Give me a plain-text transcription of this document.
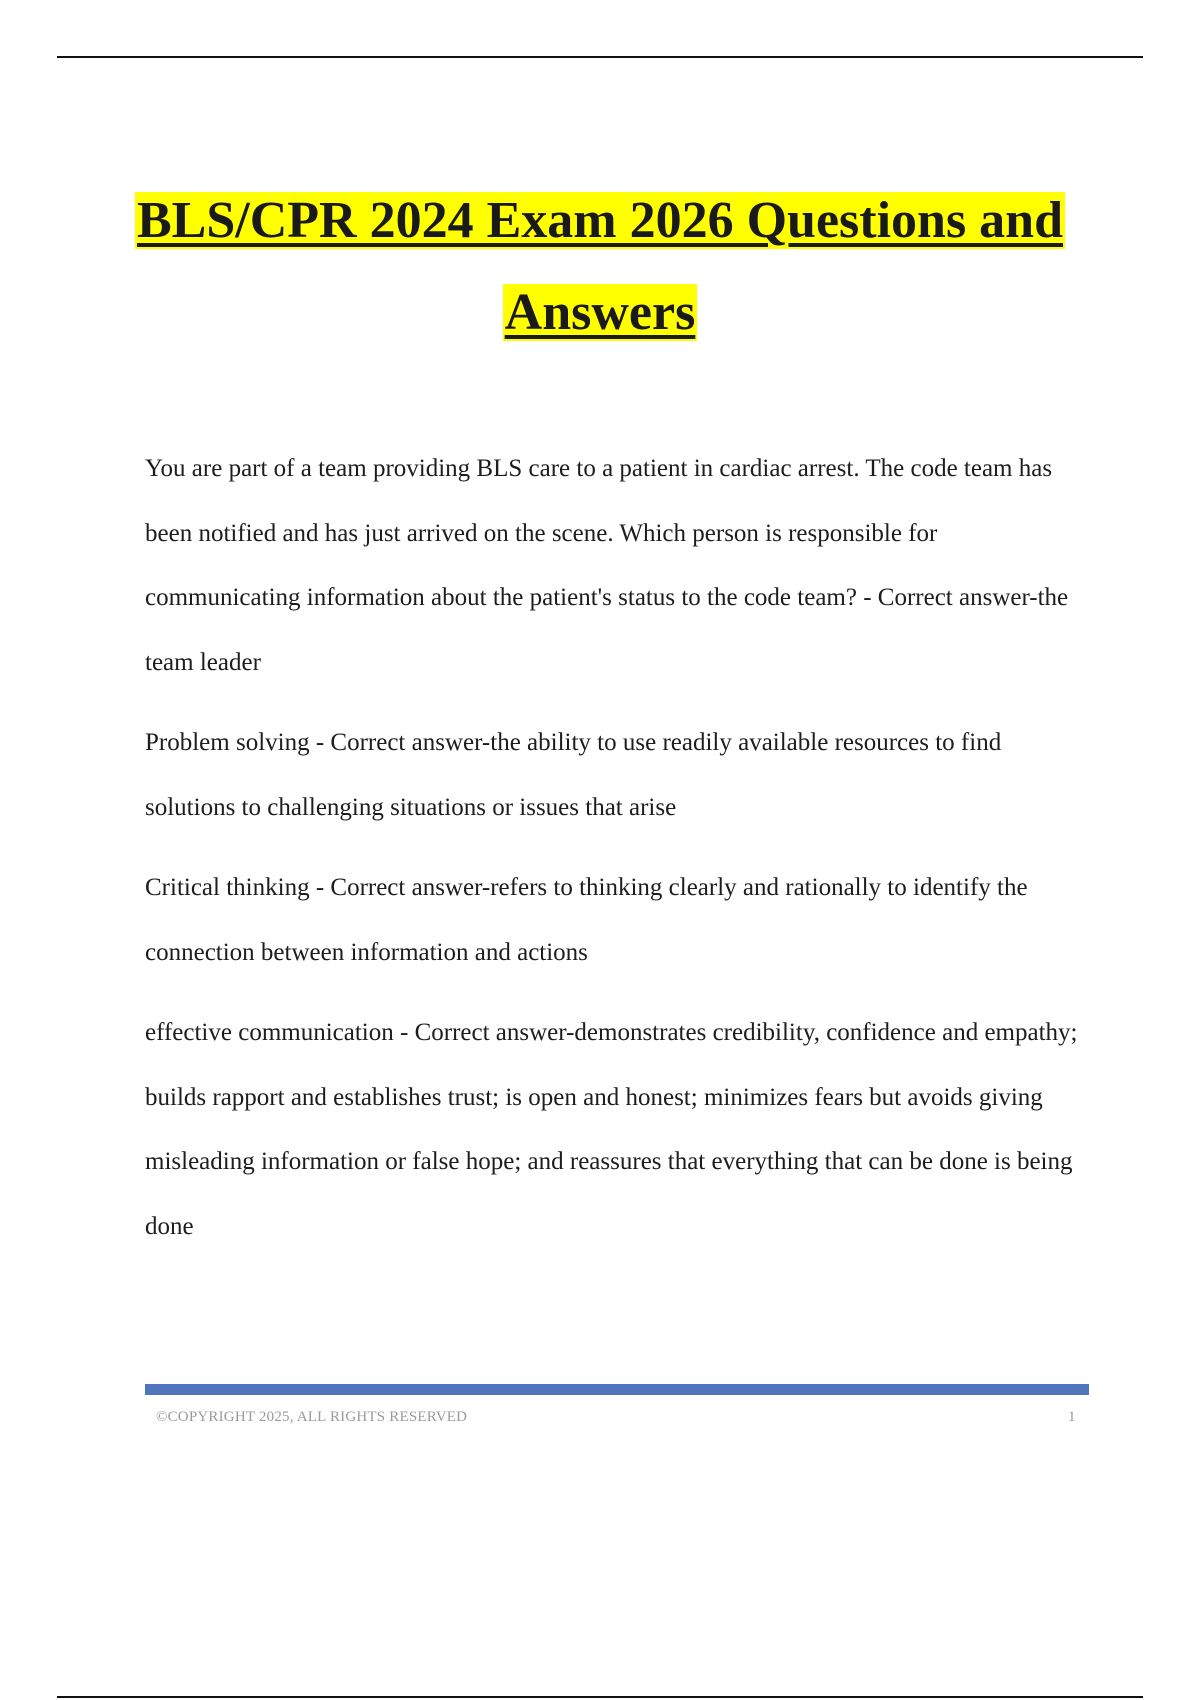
BLS/CPR 2024 Exam 2026 Questions and
Answers

You are part of a team providing BLS care to a patient in cardiac arrest. The code team has been notified and has just arrived on the scene. Which person is responsible for communicating information about the patient's status to the code team? - Correct answer-the team leader

Problem solving - Correct answer-the ability to use readily available resources to find solutions to challenging situations or issues that arise

Critical thinking - Correct answer-refers to thinking clearly and rationally to identify the connection between information and actions

effective communication - Correct answer-demonstrates credibility, confidence and empathy; builds rapport and establishes trust; is open and honest; minimizes fears but avoids giving misleading information or false hope; and reassures that everything that can be done is being done

©COPYRIGHT 2025, ALL RIGHTS RESERVED	1
